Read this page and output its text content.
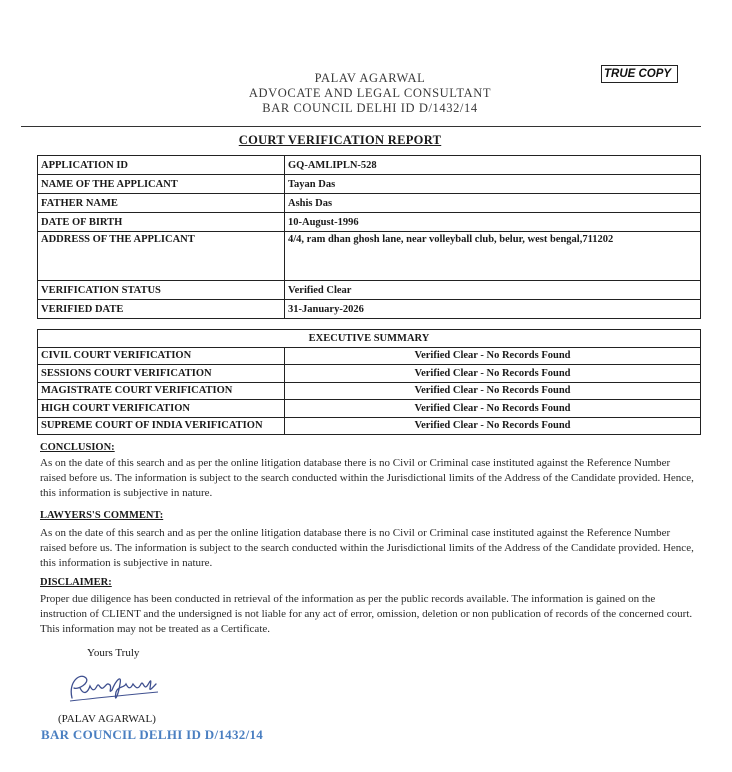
PALAV AGARWAL
ADVOCATE AND LEGAL CONSULTANT
BAR COUNCIL DELHI ID D/1432/14
TRUE COPY
COURT VERIFICATION REPORT
APPLICATION ID	GQ-AMLIPLN-528
NAME OF THE APPLICANT	Tayan Das
FATHER NAME	Ashis Das
DATE OF BIRTH	10-August-1996
ADDRESS OF THE APPLICANT	4/4, ram dhan ghosh lane, near volleyball club, belur, west bengal,711202
VERIFICATION STATUS	Verified Clear
VERIFIED DATE	31-January-2026
EXECUTIVE SUMMARY	
CIVIL COURT VERIFICATION	Verified Clear - No Records Found
SESSIONS COURT VERIFICATION	Verified Clear - No Records Found
MAGISTRATE COURT VERIFICATION	Verified Clear - No Records Found
HIGH COURT VERIFICATION	Verified Clear - No Records Found
SUPREME COURT OF INDIA VERIFICATION	Verified Clear - No Records Found
CONCLUSION:
As on the date of this search and as per the online litigation database there is no Civil or Criminal case instituted against the Reference Number raised before us. The information is subject to the search conducted within the Jurisdictional limits of the Address of the Candidate provided. Hence, this information is subjective in nature.
LAWYERS'S COMMENT:
As on the date of this search and as per the online litigation database there is no Civil or Criminal case instituted against the Reference Number raised before us. The information is subject to the search conducted within the Jurisdictional limits of the Address of the Candidate provided. Hence, this information is subjective in nature.
DISCLAIMER:
Proper due diligence has been conducted in retrieval of the information as per the public records available. The information is gained on the instruction of CLIENT and the undersigned is not liable for any act of error, omission, deletion or non publication of records of the concerned court. This information may not be treated as a Certificate.
Yours Truly
(PALAV AGARWAL)
BAR COUNCIL DELHI ID D/1432/14
